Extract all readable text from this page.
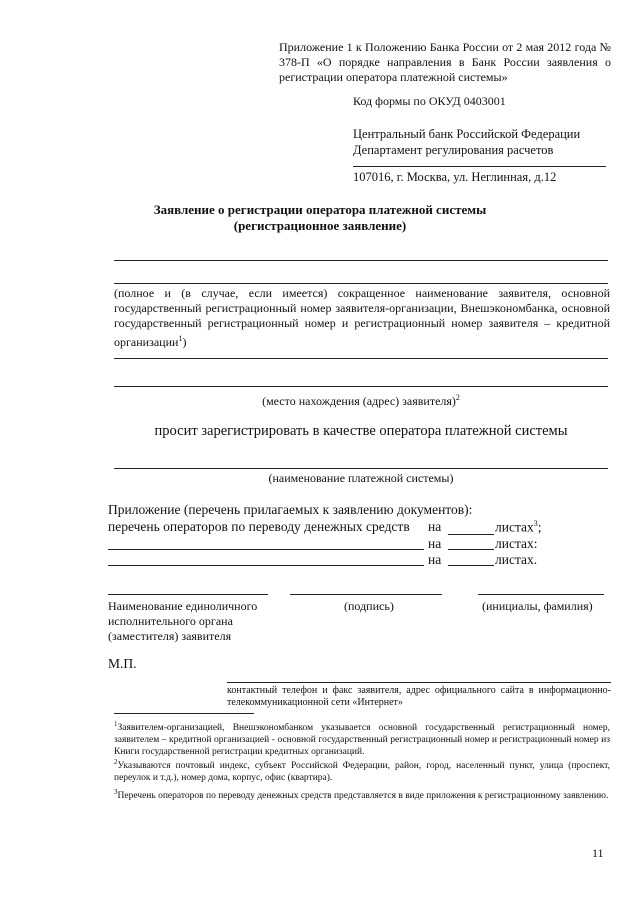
Приложение 1 к Положению Банка России от 2 мая 2012 года № 378-П «О порядке направления в Банк России заявления о регистрации оператора платежной системы»
Код формы по ОКУД 0403001
Центральный банк Российской Федерации
Департамент регулирования расчетов
107016, г. Москва, ул. Неглинная, д.12
Заявление о регистрации оператора платежной системы
(регистрационное заявление)
(полное и (в случае, если имеется) сокращенное наименование заявителя, основной государственный регистрационный номер заявителя-организации, Внешэкономбанка, основной государственный регистрационный номер и регистрационный номер заявителя – кредитной организации$^1$)
(место нахождения (адрес) заявителя)$^2$
просит зарегистрировать в качестве оператора платежной системы
(наименование платежной системы)
Приложение (перечень прилагаемых к заявлению документов):
перечень операторов по переводу денежных средств на	листах$^3$;
на	листах:
на	листах.
Наименование единоличного исполнительного органа (заместителя) заявителя
(подпись)	(инициалы, фамилия)
М.П.
контактный телефон и факс заявителя, адрес официального сайта в информационно-телекоммуникационной сети «Интернет»
$^1$Заявителем-организацией, Внешэкономбанком указывается основной государственный регистрационный номер, заявителем – кредитной организацией - основной государственный регистрационный номер и регистрационный номер из Книги государственной регистрации кредитных организаций.
$^2$Указываются почтовый индекс, субъект Российской Федерации, район, город, населенный пункт, улица (проспект, переулок и т.д.), номер дома, корпус, офис (квартира).
$^3$Перечень операторов по переводу денежных средств представляется в виде приложения к регистрационному заявлению.
11
